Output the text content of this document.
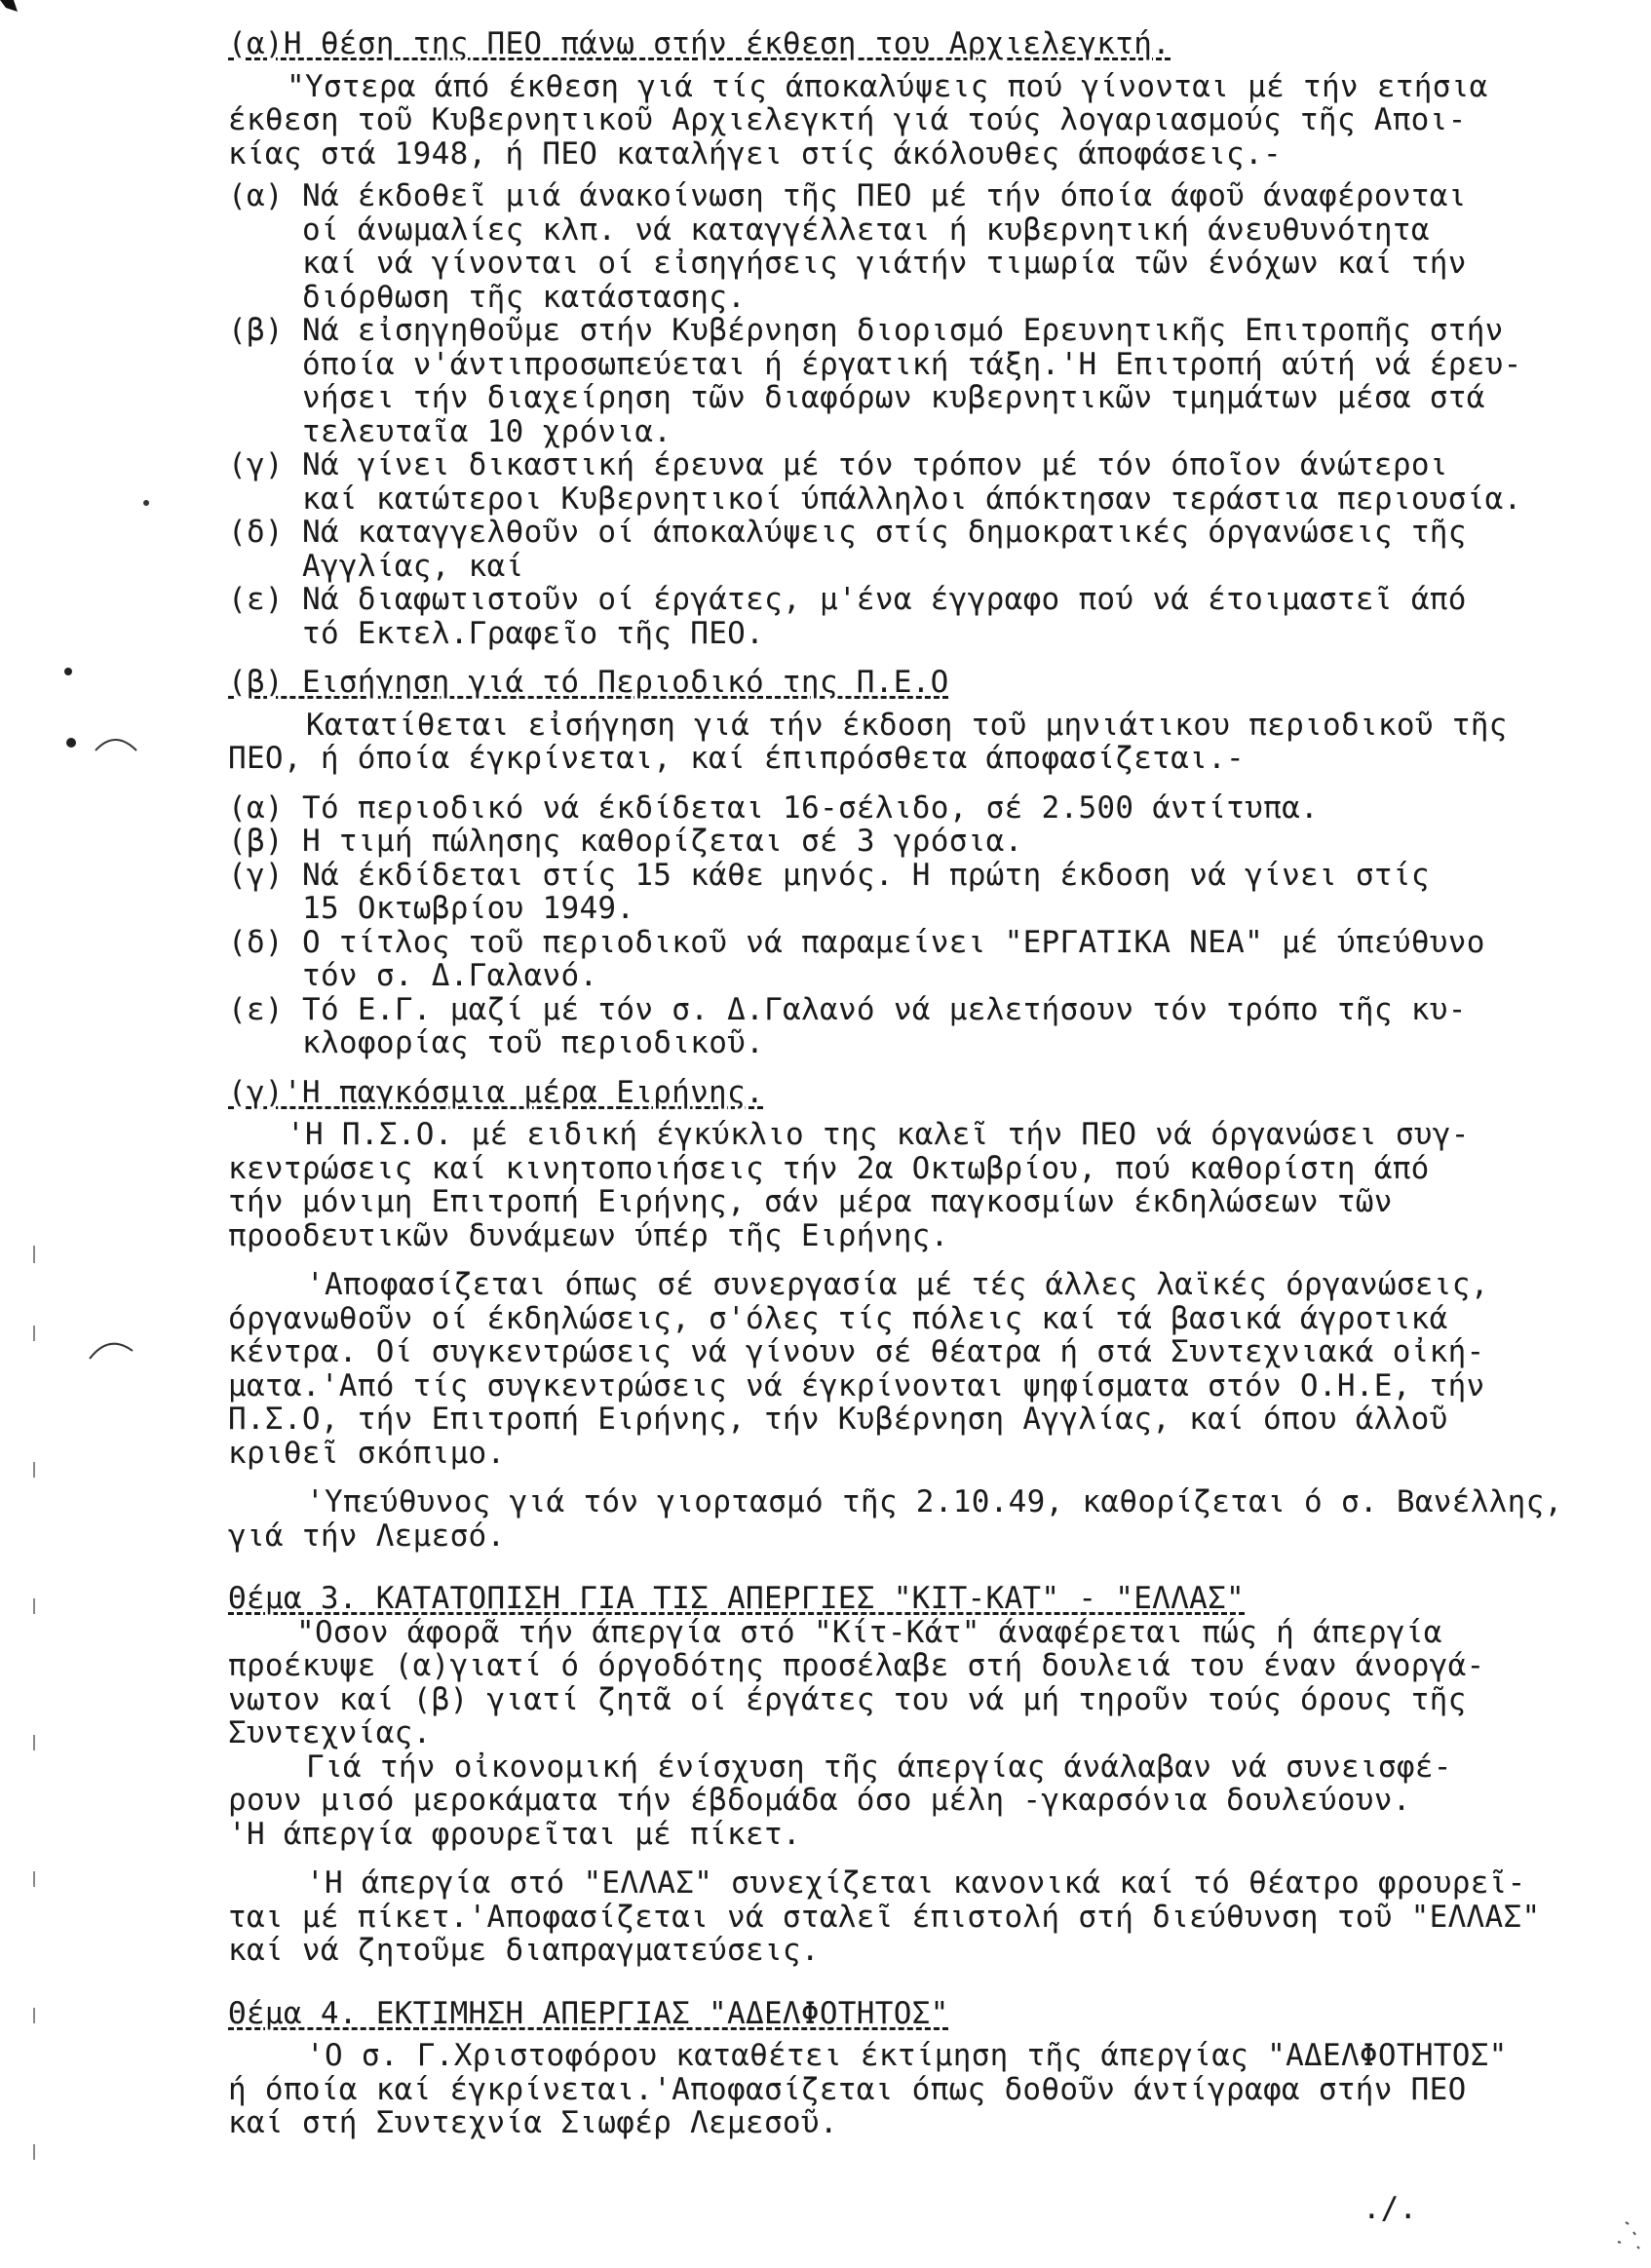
(α)Η θέση της ΠΕΟ πάνω στήν έκθεση του Αρχιελεγκτή.

"Υστερα άπό έκθεση γιά τίς άποκαλύψεις πού γίνονται μέ τήν ετήσια
έκθεση τοῦ Κυβερνητικοῦ Αρχιελεγκτή γιά τούς λογαριασμούς τῆς Αποι-
κίας στά 1948, ή ΠΕΟ καταλήγει στίς άκόλουθες άποφάσεις.-
(α) Νά έκδοθεῖ μιά άνακοίνωση τῆς ΠΕΟ μέ τήν όποία άφοῦ άναφέρονται
οί άνωμαλίες κλπ. νά καταγγέλλεται ή κυβερνητική άνευθυνότητα
καί νά γίνονται οί εἰσηγήσεις γιάτήν τιμωρία τῶν ένόχων καί τήν
διόρθωση τῆς κατάστασης.
(β) Νά εἰσηγηθοῦμε στήν Κυβέρνηση διορισμό Ερευνητικῆς Επιτροπῆς στήν
όποία ν'άντιπροσωπεύεται ή έργατική τάξη.'Η Επιτροπή αύτή νά έρευ-
νήσει τήν διαχείρηση τῶν διαφόρων κυβερνητικῶν τμημάτων μέσα στά
τελευταῖα 10 χρόνια.
(γ) Νά γίνει δικαστική έρευνα μέ τόν τρόπον μέ τόν όποῖον άνώτεροι
καί κατώτεροι Κυβερνητικοί ύπάλληλοι άπόκτησαν τεράστια περιουσία.
(δ) Νά καταγγελθοῦν οί άποκαλύψεις στίς δημοκρατικές όργανώσεις τῆς
Αγγλίας, καί
(ε) Νά διαφωτιστοῦν οί έργάτες, μ'ένα έγγραφο πού νά έτοιμαστεῖ άπό
τό Εκτελ.Γραφεῖο τῆς ΠΕΟ.

(β) Εισήγηση γιά τό Περιοδικό της Π.Ε.Ο

Κατατίθεται εἰσήγηση γιά τήν έκδοση τοῦ μηνιάτικου περιοδικοῦ τῆς
ΠΕΟ, ή όποία έγκρίνεται, καί έπιπρόσθετα άποφασίζεται.-
(α) Τό περιοδικό νά έκδίδεται 16-σέλιδο, σέ 2.500 άντίτυπα.
(β) Η τιμή πώλησης καθορίζεται σέ 3 γρόσια.
(γ) Νά έκδίδεται στίς 15 κάθε μηνός. Η πρώτη έκδοση νά γίνει στίς
15 Οκτωβρίου 1949.
(δ) Ο τίτλος τοῦ περιοδικοῦ νά παραμείνει "ΕΡΓΑΤΙΚΑ ΝΕΑ" μέ ύπεύθυνο
τόν σ. Δ.Γαλανό.
(ε) Τό Ε.Γ. μαζί μέ τόν σ. Δ.Γαλανό νά μελετήσουν τόν τρόπο τῆς κυ-
κλοφορίας τοῦ περιοδικοῦ.

(γ)'Η παγκόσμια μέρα Ειρήνης.

'Η Π.Σ.Ο. μέ ειδική έγκύκλιο της καλεῖ τήν ΠΕΟ νά όργανώσει συγ-
κεντρώσεις καί κινητοποιήσεις τήν 2α Οκτωβρίου, πού καθορίστη άπό
τήν μόνιμη Επιτροπή Ειρήνης, σάν μέρα παγκοσμίων έκδηλώσεων τῶν
προοδευτικῶν δυνάμεων ύπέρ τῆς Ειρήνης.
'Αποφασίζεται όπως σέ συνεργασία μέ τές άλλες λαϊκές όργανώσεις,
όργανωθοῦν οί έκδηλώσεις, σ'όλες τίς πόλεις καί τά βασικά άγροτικά
κέντρα. Οί συγκεντρώσεις νά γίνουν σέ θέατρα ή στά Συντεχνιακά οἰκή-
ματα.'Από τίς συγκεντρώσεις νά έγκρίνονται ψηφίσματα στόν Ο.Η.Ε, τήν
Π.Σ.Ο, τήν Επιτροπή Ειρήνης, τήν Κυβέρνηση Αγγλίας, καί όπου άλλοῦ
κριθεῖ σκόπιμο.
'Υπεύθυνος γιά τόν γιορτασμό τῆς 2.10.49, καθορίζεται ό σ. Βανέλλης,
γιά τήν Λεμεσό.

Θέμα 3. ΚΑΤΑΤΟΠΙΣΗ ΓΙΑ ΤΙΣ ΑΠΕΡΓΙΕΣ "ΚΙΤ-ΚΑΤ" - "ΕΛΛΑΣ"

"Οσον άφορᾶ τήν άπεργία στό "Κίτ-Κάτ" άναφέρεται πώς ή άπεργία
προέκυψε (α)γιατί ό όργοδότης προσέλαβε στή δουλειά του έναν άνοργά-
νωτον καί (β) γιατί ζητᾶ οί έργάτες του νά μή τηροῦν τούς όρους τῆς
Συντεχνίας.
Γιά τήν οἰκονομική ένίσχυση τῆς άπεργίας άνάλαβαν νά συνεισφέ-
ρουν μισό μεροκάματα τήν έβδομάδα όσο μέλη -γκαρσόνια δουλεύουν.
'Η άπεργία φρουρεῖται μέ πίκετ.
'Η άπεργία στό "ΕΛΛΑΣ" συνεχίζεται κανονικά καί τό θέατρο φρουρεῖ-
ται μέ πίκετ.'Αποφασίζεται νά σταλεῖ έπιστολή στή διεύθυνση τοῦ "ΕΛΛΑΣ"
καί νά ζητοῦμε διαπραγματεύσεις.

Θέμα 4. ΕΚΤΙΜΗΣΗ ΑΠΕΡΓΙΑΣ "ΑΔΕΛΦΟΤΗΤΟΣ"

'Ο σ. Γ.Χριστοφόρου καταθέτει έκτίμηση τῆς άπεργίας "ΑΔΕΛΦΟΤΗΤΟΣ"
ή όποία καί έγκρίνεται.'Αποφασίζεται όπως δοθοῦν άντίγραφα στήν ΠΕΟ
καί στή Συντεχνία Σιωφέρ Λεμεσοῦ.
./.
